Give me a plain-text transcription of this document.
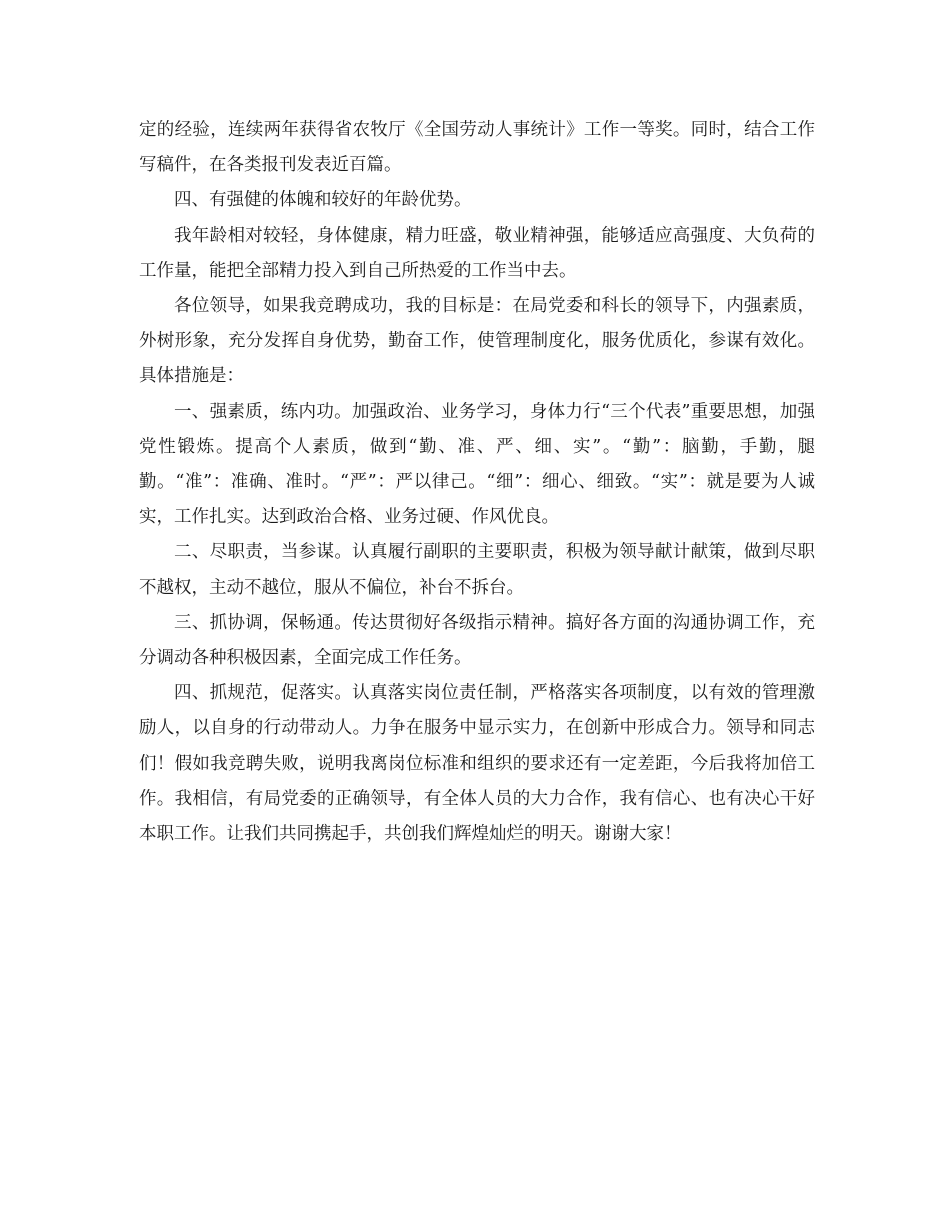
定的经验，连续两年获得省农牧厅《全国劳动人事统计》工作一等奖。同时，结合工作写稿件，在各类报刊发表近百篇。

四、有强健的体魄和较好的年龄优势。

我年龄相对较轻，身体健康，精力旺盛，敬业精神强，能够适应高强度、大负荷的工作量，能把全部精力投入到自己所热爱的工作当中去。

各位领导，如果我竞聘成功，我的目标是：在局党委和科长的领导下，内强素质，外树形象，充分发挥自身优势，勤奋工作，使管理制度化，服务优质化，参谋有效化。具体措施是：

一、强素质，练内功。加强政治、业务学习，身体力行“三个代表”重要思想，加强党性锻炼。提高个人素质，做到“勤、准、严、细、实”。“勤”：脑勤，手勤，腿勤。“准”：准确、准时。“严”：严以律己。“细”：细心、细致。“实”：就是要为人诚实，工作扎实。达到政治合格、业务过硬、作风优良。

二、尽职责，当参谋。认真履行副职的主要职责，积极为领导献计献策，做到尽职不越权，主动不越位，服从不偏位，补台不拆台。

三、抓协调，保畅通。传达贯彻好各级指示精神。搞好各方面的沟通协调工作，充分调动各种积极因素，全面完成工作任务。

四、抓规范，促落实。认真落实岗位责任制，严格落实各项制度，以有效的管理激励人，以自身的行动带动人。力争在服务中显示实力，在创新中形成合力。领导和同志们！假如我竞聘失败，说明我离岗位标准和组织的要求还有一定差距，今后我将加倍工作。我相信，有局党委的正确领导，有全体人员的大力合作，我有信心、也有决心干好本职工作。让我们共同携起手，共创我们辉煌灿烂的明天。谢谢大家！
